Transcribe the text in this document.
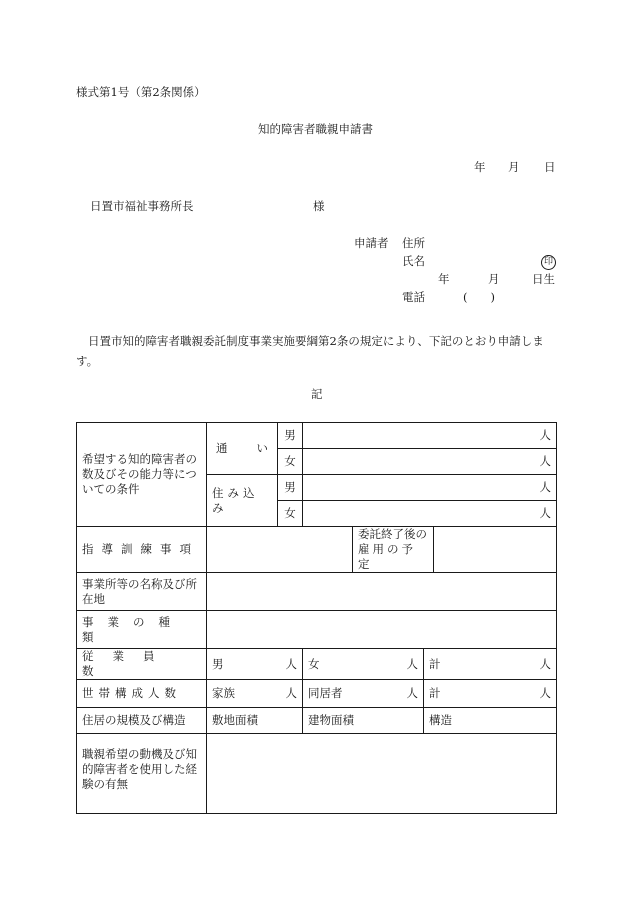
様式第1号（第2条関係）
知的障害者職親申請書
年 月 日
日置市福祉事務所長	様
申請者 住所
氏名	印
年	月	日生
電話	(　　)
日置市知的障害者職親委託制度事業実施要綱第2条の規定により、下記のとおり申請しま
す。
記
希望する知的障害者の数及びその能力等についての条件	通 い	男	人			
		女	人			
	住み込み	男	人			
		女	人			
指導訓練事項				委託終了後の
雇用の予定		

事業所等の名称及び所在地						
事業の種類						
従業員数	男 人		女 人		計 人	

世帯構成人数	家族 人		同居者 人		計 人	

住居の規模及び構造	敷地面積		建物面積		構造	
職親希望の動機及び知的障害者を使用した経験の有無						
